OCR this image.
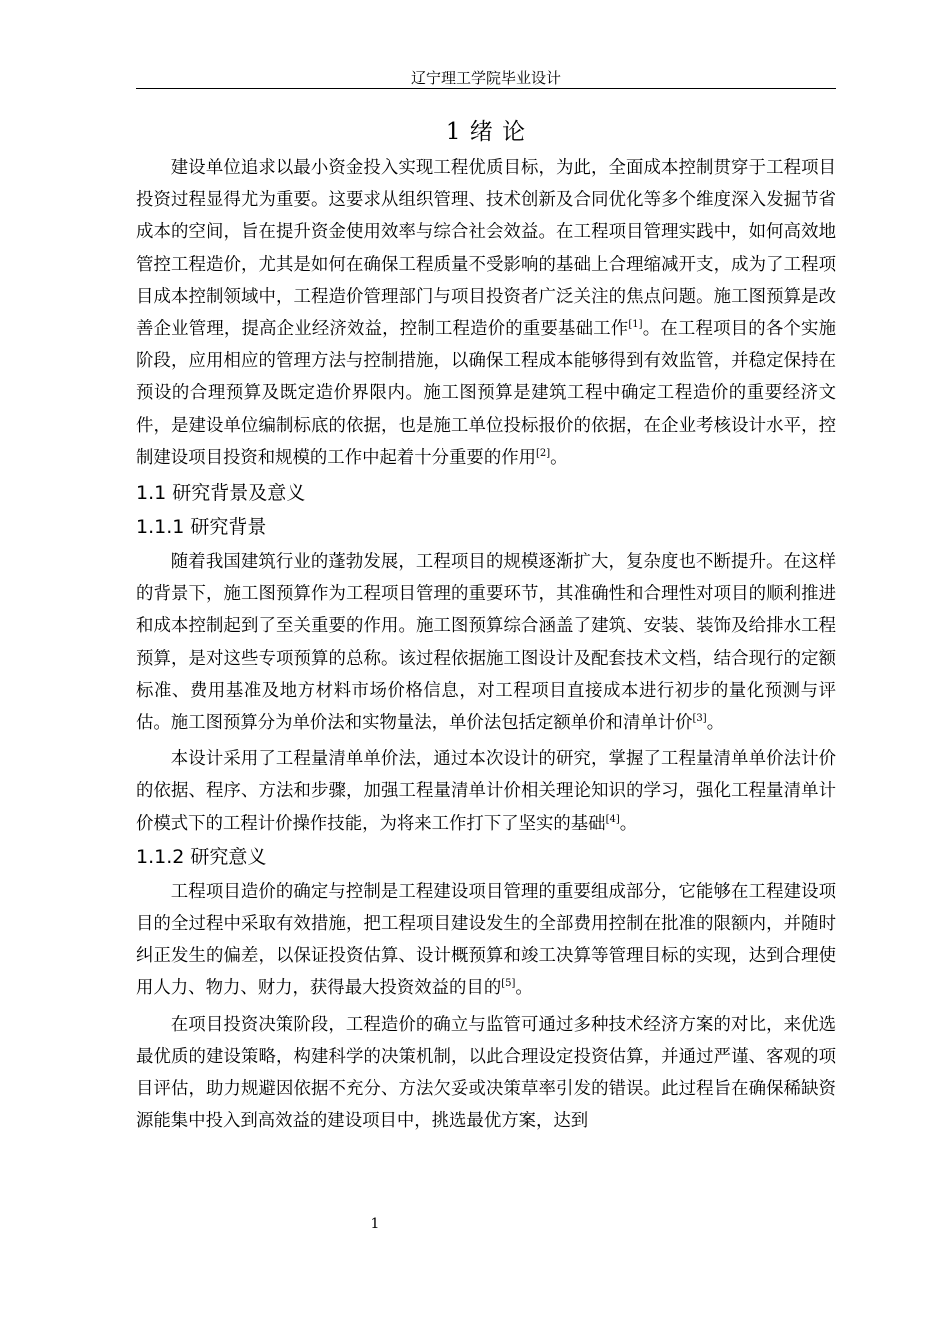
辽宁理工学院毕业设计
1 绪 论

建设单位追求以最小资金投入实现工程优质目标，为此，全面成本控制贯穿于工程项目投资过程显得尤为重要。这要求从组织管理、技术创新及合同优化等多个维度深入发掘节省成本的空间，旨在提升资金使用效率与综合社会效益。在工程项目管理实践中，如何高效地管控工程造价，尤其是如何在确保工程质量不受影响的基础上合理缩减开支，成为了工程项目成本控制领域中，工程造价管理部门与项目投资者广泛关注的焦点问题。施工图预算是改善企业管理，提高企业经济效益，控制工程造价的重要基础工作[1]。在工程项目的各个实施阶段，应用相应的管理方法与控制措施，以确保工程成本能够得到有效监管，并稳定保持在预设的合理预算及既定造价界限内。施工图预算是建筑工程中确定工程造价的重要经济文件，是建设单位编制标底的依据，也是施工单位投标报价的依据，在企业考核设计水平，控制建设项目投资和规模的工作中起着十分重要的作用[2]。

1.1 研究背景及意义
1.1.1 研究背景

随着我国建筑行业的蓬勃发展，工程项目的规模逐渐扩大，复杂度也不断提升。在这样的背景下，施工图预算作为工程项目管理的重要环节，其准确性和合理性对项目的顺利推进和成本控制起到了至关重要的作用。施工图预算综合涵盖了建筑、安装、装饰及给排水工程预算，是对这些专项预算的总称。该过程依据施工图设计及配套技术文档，结合现行的定额标准、费用基准及地方材料市场价格信息，对工程项目直接成本进行初步的量化预测与评估。施工图预算分为单价法和实物量法，单价法包括定额单价和清单计价[3]。

本设计采用了工程量清单单价法，通过本次设计的研究，掌握了工程量清单单价法计价的依据、程序、方法和步骤，加强工程量清单计价相关理论知识的学习，强化工程量清单计价模式下的工程计价操作技能，为将来工作打下了坚实的基础[4]。

1.1.2 研究意义

工程项目造价的确定与控制是工程建设项目管理的重要组成部分，它能够在工程建设项目的全过程中采取有效措施，把工程项目建设发生的全部费用控制在批准的限额内，并随时纠正发生的偏差，以保证投资估算、设计概预算和竣工决算等管理目标的实现，达到合理使用人力、物力、财力，获得最大投资效益的目的[5]。

在项目投资决策阶段，工程造价的确立与监管可通过多种技术经济方案的对比，来优选最优质的建设策略，构建科学的决策机制，以此合理设定投资估算，并通过严谨、客观的项目评估，助力规避因依据不充分、方法欠妥或决策草率引发的错误。此过程旨在确保稀缺资源能集中投入到高效益的建设项目中，挑选最优方案，达到

1
